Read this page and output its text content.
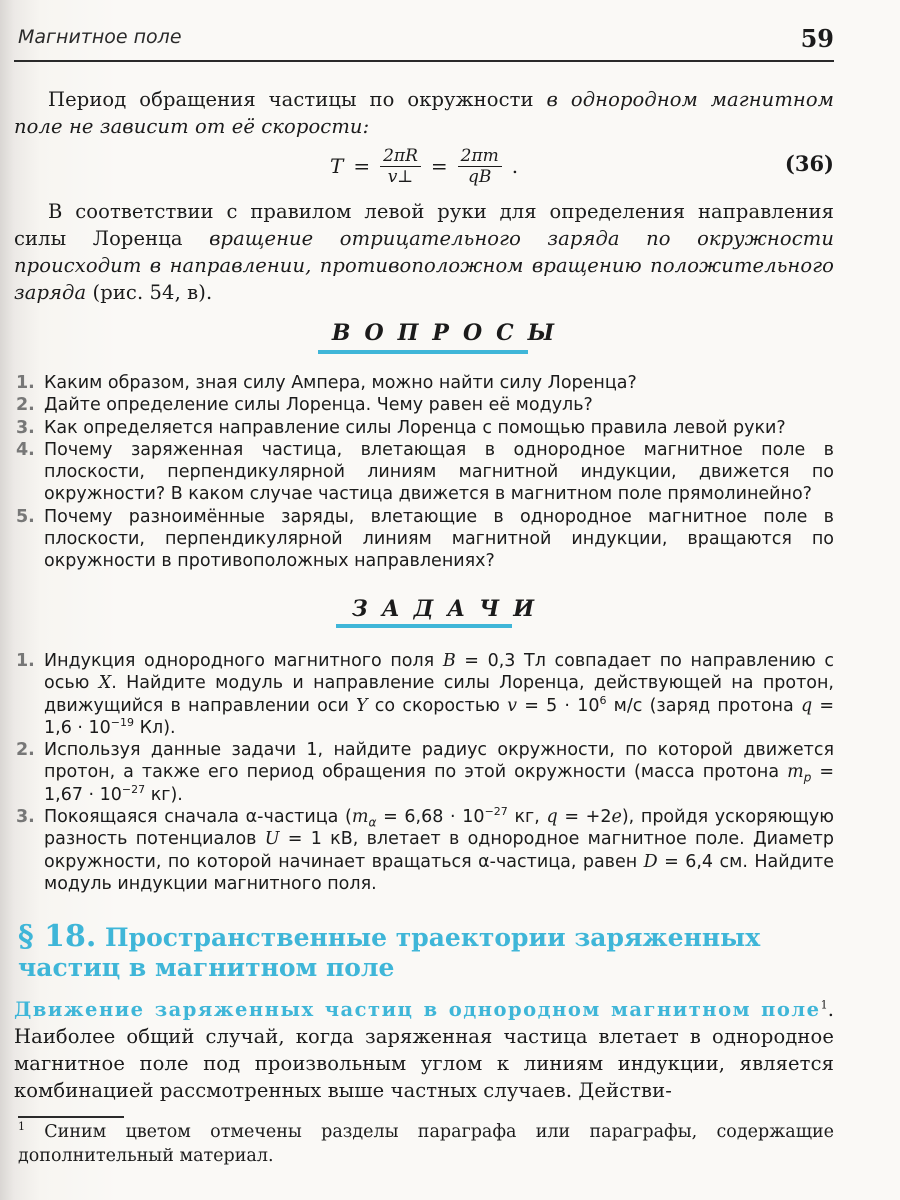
Магнитное поле	59
Период обращения частицы по окружности в однородном магнитном поле не зависит от её скорости:
$T = \frac{2\pi R}{v\perp} = \frac{2\pi m}{qB}$ .	(36)
В соответствии с правилом левой руки для определения направления силы Лоренца вращение отрицательного заряда по окружности происходит в направлении, противоположном вращению положительного заряда (рис. 54, в).
ВОПРОСЫ
1. Каким образом, зная силу Ампера, можно найти силу Лоренца?
2. Дайте определение силы Лоренца. Чему равен её модуль?
3. Как определяется направление силы Лоренца с помощью правила левой руки?
4. Почему заряженная частица, влетающая в однородное магнитное поле в плоскости, перпендикулярной линиям магнитной индукции, движется по окружности? В каком случае частица движется в магнитном поле прямолинейно?
5. Почему разноимённые заряды, влетающие в однородное магнитное поле в плоскости, перпендикулярной линиям магнитной индукции, вращаются по окружности в противоположных направлениях?
ЗАДАЧИ
1. Индукция однородного магнитного поля B = 0,3 Тл совпадает по направлению с осью X. Найдите модуль и направление силы Лоренца, действующей на протон, движущийся в направлении оси Y со скоростью $v = 5 \cdot 10^6$ м/с (заряд протона $q = 1,6 \cdot 10^{-19}$ Кл).
2. Используя данные задачи 1, найдите радиус окружности, по которой движется протон, а также его период обращения по этой окружности (масса протона $m_p = 1,67 \cdot 10^{-27}$ кг).
3. Покоящаяся сначала α-частица ($m_\alpha = 6,68 \cdot 10^{-27}$ кг, q = +2e), пройдя ускоряющую разность потенциалов U = 1 кВ, влетает в однородное магнитное поле. Диаметр окружности, по которой начинает вращаться α-частица, равен D = 6,4 см. Найдите модуль индукции магнитного поля.
§ 18. Пространственные траектории заряженных частиц в магнитном поле
Движение заряженных частиц в однородном магнитном поле$^1$. Наиболее общий случай, когда заряженная частица влетает в однородное магнитное поле под произвольным углом к линиям индукции, является комбинацией рассмотренных выше частных случаев. Действи-
$^1$ Синим цветом отмечены разделы параграфа или параграфы, содержащие дополнительный материал.
